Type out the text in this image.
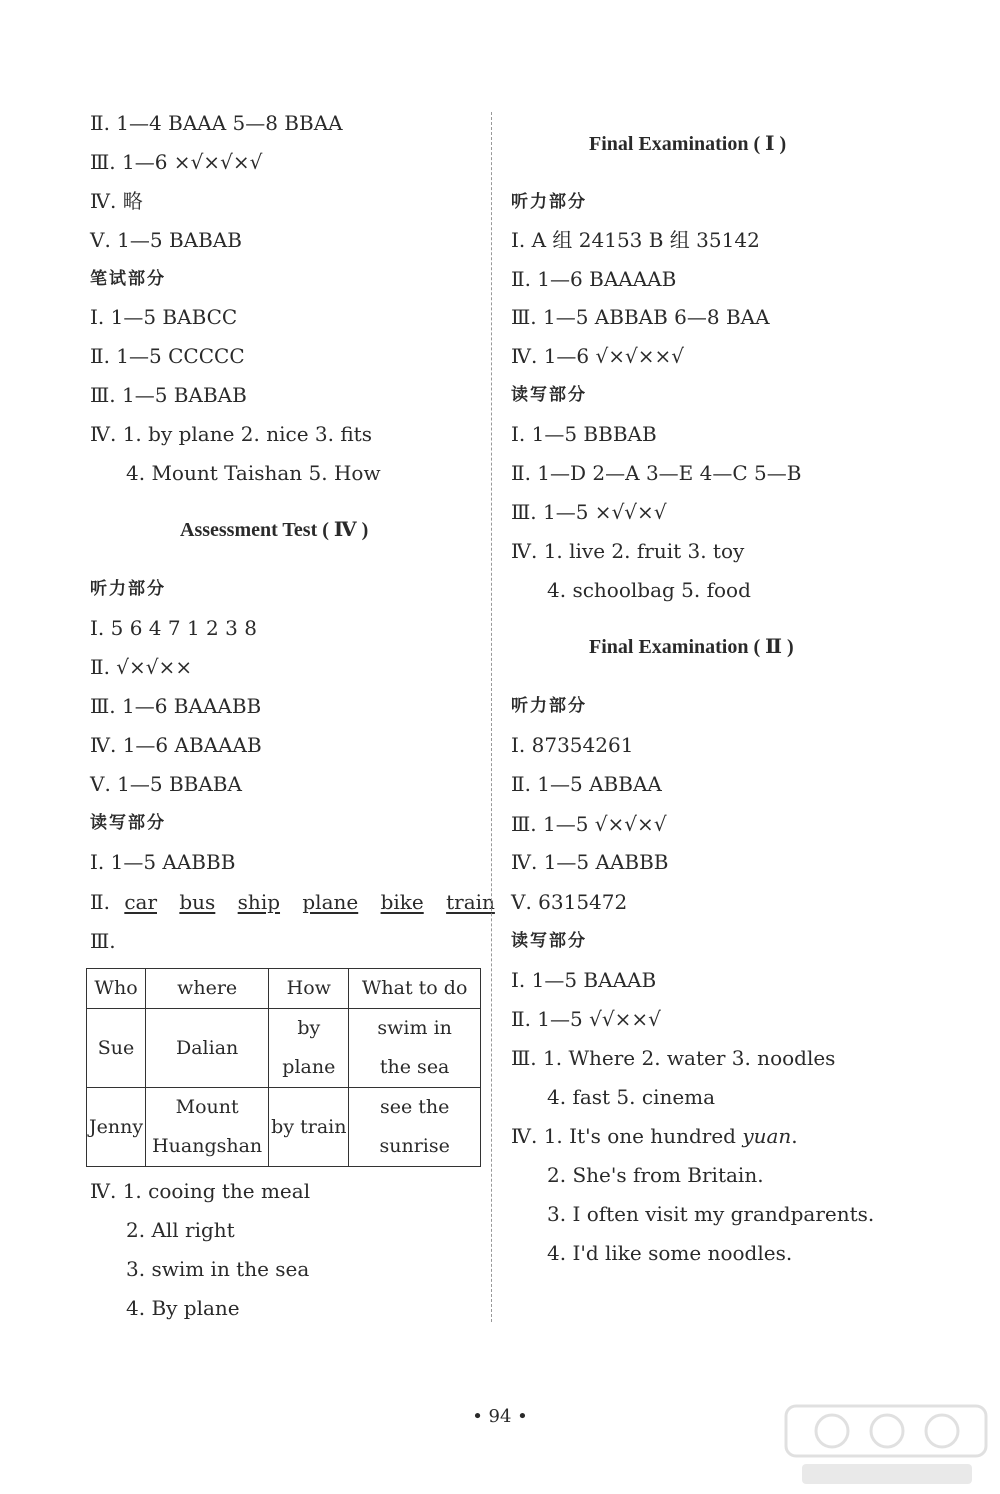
Ⅱ. 1—4 BAAA 5—8 BBAA
Ⅲ. 1—6 ×√×√×√
Ⅳ. 略
Ⅴ. 1—5 BABAB
笔试部分
Ⅰ. 1—5 BABCC
Ⅱ. 1—5 CCCCC
Ⅲ. 1—5 BABAB
Ⅳ. 1. by plane 2. nice 3. fits
4. Mount Taishan 5. How
Assessment Test ( Ⅳ )
听力部分
Ⅰ. 5 6 4 7 1 2 3 8
Ⅱ. √×√××
Ⅲ. 1—6 BAAABB
Ⅳ. 1—6 ABAAAB
Ⅴ. 1—5 BBABA
读写部分
Ⅰ. 1—5 AABBB
Ⅱ. car bus ship plane bike train
Ⅲ.
Who	where	How	What to do
Sue	Dalian	by plane	swim in the sea
Jenny	Mount Huangshan	by train	see the sunrise
Ⅳ. 1. cooing the meal
2. All right
3. swim in the sea
4. By plane
Final Examination ( Ⅰ )
听力部分
Ⅰ. A 组 24153 B 组 35142
Ⅱ. 1—6 BAAAAB
Ⅲ. 1—5 ABBAB 6—8 BAA
Ⅳ. 1—6 √×√××√
读写部分
Ⅰ. 1—5 BBBAB
Ⅱ. 1—D 2—A 3—E 4—C 5—B
Ⅲ. 1—5 ×√√×√
Ⅳ. 1. live 2. fruit 3. toy
4. schoolbag 5. food
Final Examination ( Ⅱ )
听力部分
Ⅰ. 87354261
Ⅱ. 1—5 ABBAA
Ⅲ. 1—5 √×√×√
Ⅳ. 1—5 AABBB
Ⅴ. 6315472
读写部分
Ⅰ. 1—5 BAAAB
Ⅱ. 1—5 √√××√
Ⅲ. 1. Where 2. water 3. noodles
4. fast 5. cinema
Ⅳ. 1. It's one hundred yuan.
2. She's from Britain.
3. I often visit my grandparents.
4. I'd like some noodles.
• 94 •
